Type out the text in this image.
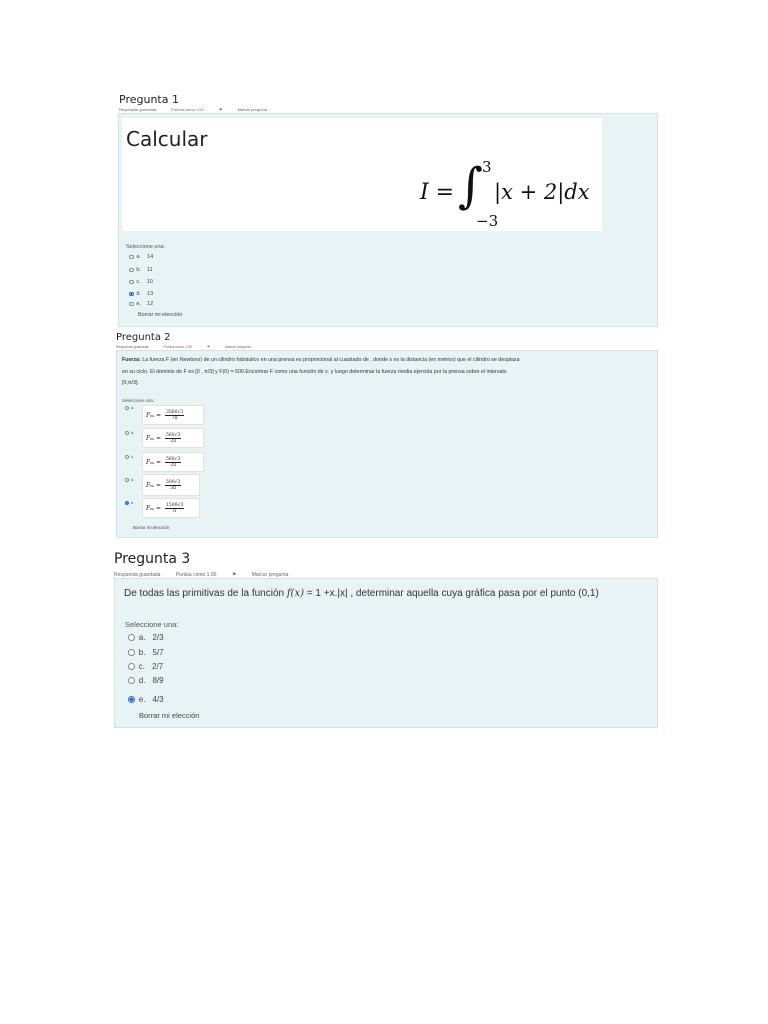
Pregunta 1
Respuesta guardada	Puntúa como 1,00	⚑	Marcar pregunta
Calcular
I = ∫
3
−3
|x + 2|dx
Seleccione una:
a. 14
b. 11
c. 10
d. 13
e. 12
Borrar mi elección
Pregunta 2
Respuesta guardada	Puntúa como 1,00	⚑	Marcar pregunta
Fuerza: La fuerza F (en Newtons) de un cilindro hidráulico en una prensa es proporcional al cuadrado de , donde x es la distancia (en metros) que el cilindro se desplaza
en su ciclo. El dominio de F es [0 , π/3] y F(0) = 500.Encontrar F como una función de x. y luego determinar la fuerza media ejercida por la prensa sobre el intervalo
[0,π/3].
Seleccione una:
a.
F $m = \frac{3560√3}{7\pi}$
b.
F $m = \frac{560√3}{2\pi}$
c.
F $m = \frac{560√3}{2\pi}$
d.
F $m = \frac{500√3}{3\pi}$
e.
F $m = \frac{1500√3}{\pi}$
Borrar mi elección
Pregunta 3
Respuesta guardada	Puntúa como 1,00	⚑	Marcar pregunta
De todas las primitivas de la función f(x) = 1 +x.|x| , determinar aquella cuya gráfica pasa por el punto (0,1)
Seleccione una:
a. 2/3
b. 5/7
c. 2/7
d. 8/9
e. 4/3
Borrar mi elección
